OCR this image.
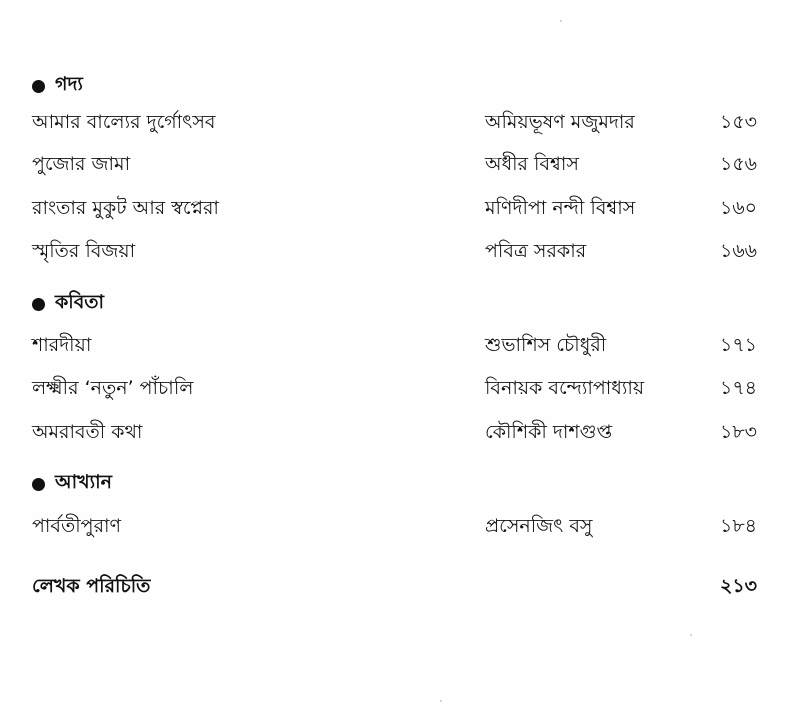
গদ্য
আমার বাল্যের দুর্গোৎসব	অমিয়ভূষণ মজুমদার	১৫৩
পুজোর জামা	অধীর বিশ্বাস	১৫৬
রাংতার মুকুট আর স্বপ্নেরা	মণিদীপা নন্দী বিশ্বাস	১৬০
স্মৃতির বিজয়া	পবিত্র সরকার	১৬৬
কবিতা
শারদীয়া	শুভাশিস চৌধুরী	১৭১
লক্ষ্মীর ‘নতুন’ পাঁচালি	বিনায়ক বন্দ্যোপাধ্যায়	১৭৪
অমরাবতী কথা	কৌশিকী দাশগুপ্ত	১৮৩
আখ্যান
পার্বতীপুরাণ	প্রসেনজিৎ বসু	১৮৪
লেখক পরিচিতি	২১৩
